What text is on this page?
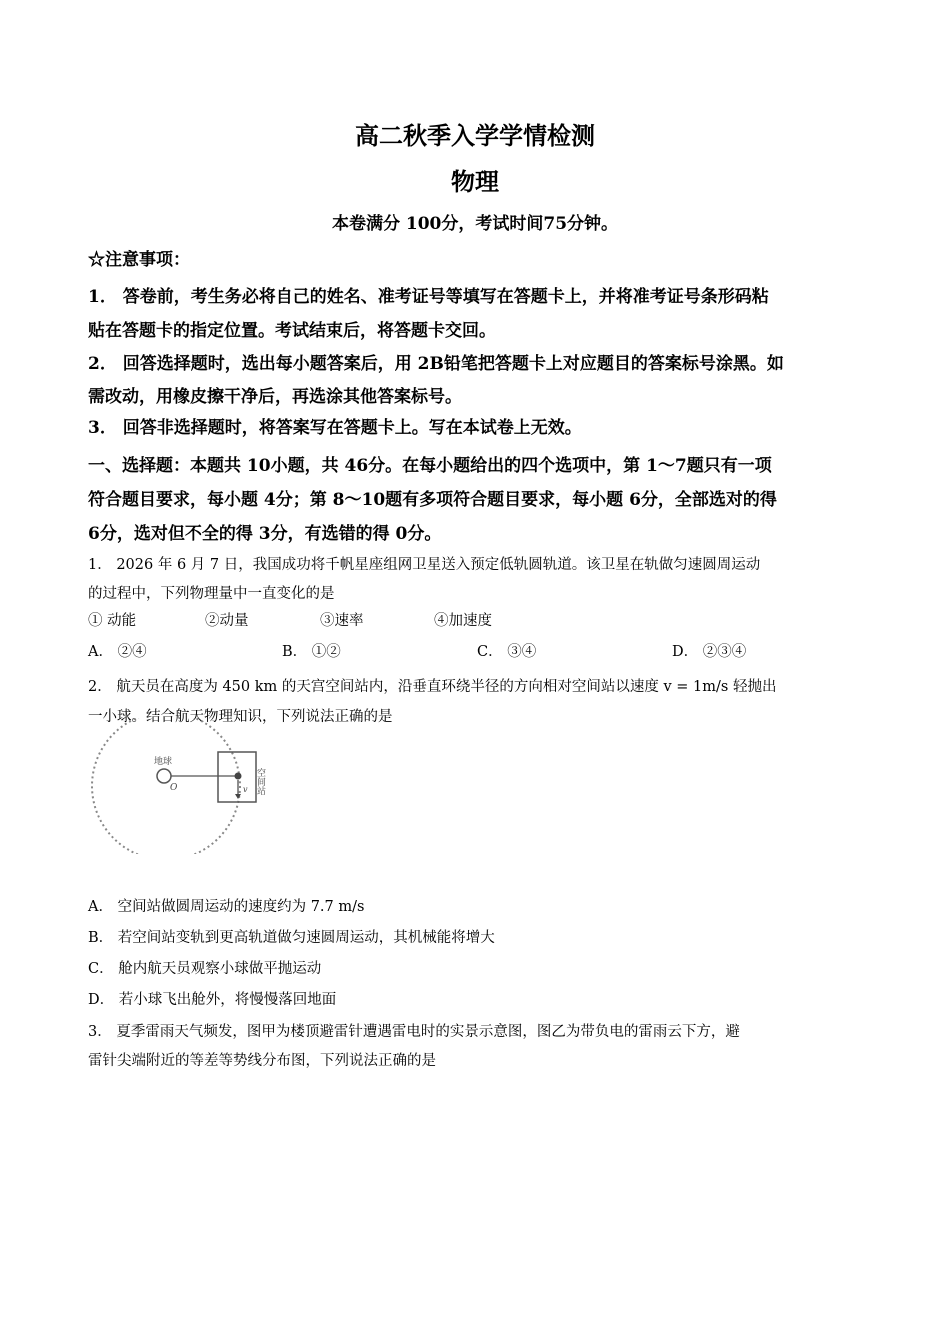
高二秋季入学学情检测
物理
本卷满分 100分，考试时间75分钟。
☆注意事项：
1． 答卷前，考生务必将自己的姓名、准考证号等填写在答题卡上，并将准考证号条形码粘
贴在答题卡的指定位置。考试结束后，将答题卡交回。
2． 回答选择题时，选出每小题答案后，用 2B铅笔把答题卡上对应题目的答案标号涂黑。如
需改动，用橡皮擦干净后，再选涂其他答案标号。
3． 回答非选择题时，将答案写在答题卡上。写在本试卷上无效。
一、选择题：本题共 10小题，共 46分。在每小题给出的四个选项中，第 1～7题只有一项
符合题目要求，每小题 4分；第 8～10题有多项符合题目要求，每小题 6分，全部选对的得
6分，选对但不全的得 3分，有选错的得 0分。
1． 2026 年 6 月 7 日，我国成功将千帆星座组网卫星送入预定低轨圆轨道。该卫星在轨做匀速圆周运动
的过程中，下列物理量中一直变化的是
① 动能	②动量	③速率	④加速度
A． ②④	B． ①②	C． ③④	D． ②③④
2． 航天员在高度为 450 km 的天宫空间站内，沿垂直环绕半径的方向相对空间站以速度 v = 1m/s 轻抛出
一小球。结合航天物理知识，下列说法正确的是
地球
O	v 空间站
A． 空间站做圆周运动的速度约为 7.7 m/s
B． 若空间站变轨到更高轨道做匀速圆周运动，其机械能将增大
C． 舱内航天员观察小球做平抛运动
D． 若小球飞出舱外，将慢慢落回地面
3． 夏季雷雨天气频发，图甲为楼顶避雷针遭遇雷电时的实景示意图，图乙为带负电的雷雨云下方，避
雷针尖端附近的等差等势线分布图，下列说法正确的是
